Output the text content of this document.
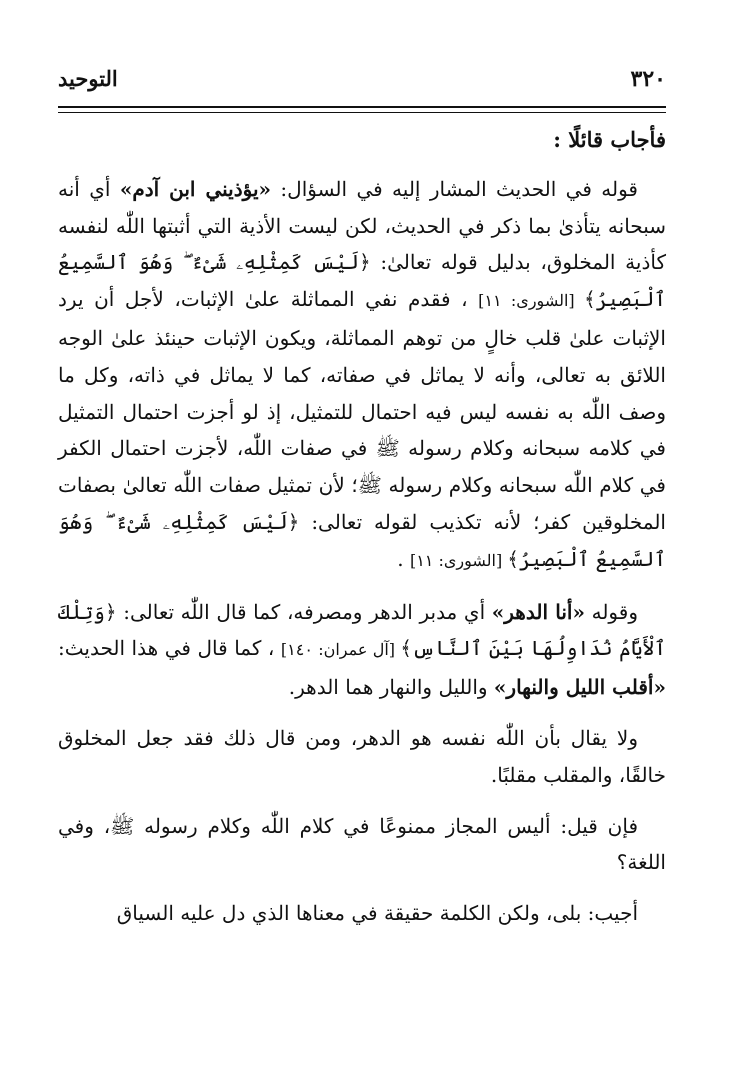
٣٢٠
التوحيد

فأجاب قائلًا :

قوله في الحديث المشار إليه في السؤال: «يؤذيني ابن آدم» أي أنه سبحانه يتأذىٰ بما ذكر في الحديث، لكن ليست الأذية التي أثبتها اللّٰه لنفسه كأذية المخلوق، بدليل قوله تعالىٰ: ﴿لَيْسَ كَمِثْلِهِۦ شَىْءٌ ۖ وَهُوَ ٱلسَّمِيعُ ٱلْبَصِيرُ﴾ [الشورى: ١١] ، فقدم نفي المماثلة علىٰ الإثبات، لأجل أن يرد الإثبات علىٰ قلب خالٍ من توهم المماثلة، ويكون الإثبات حينئذ علىٰ الوجه اللائق به تعالى، وأنه لا يماثل في صفاته، كما لا يماثل في ذاته، وكل ما وصف اللّٰه به نفسه ليس فيه احتمال للتمثيل، إذ لو أجزت احتمال التمثيل في كلامه سبحانه وكلام رسوله ﷺ في صفات اللّٰه، لأجزت احتمال الكفر في كلام اللّٰه سبحانه وكلام رسوله ﷺ؛ لأن تمثيل صفات اللّٰه تعالىٰ بصفات المخلوقين كفر؛ لأنه تكذيب لقوله تعالى: ﴿لَيْسَ كَمِثْلِهِۦ شَىْءٌ ۖ وَهُوَ ٱلسَّمِيعُ ٱلْبَصِيرُ﴾ [الشورى: ١١] .

وقوله «أنا الدهر» أي مدبر الدهر ومصرفه، كما قال اللّٰه تعالى: ﴿وَتِلْكَ ٱلْأَيَّامُ نُدَاوِلُهَا بَيْنَ ٱلنَّاسِ﴾ [آل عمران: ١٤٠] ، كما قال في هذا الحديث: «أقلب الليل والنهار» والليل والنهار هما الدهر.

ولا يقال بأن اللّٰه نفسه هو الدهر، ومن قال ذلك فقد جعل المخلوق خالقًا، والمقلب مقلبًا.

فإن قيل: أليس المجاز ممنوعًا في كلام اللّٰه وكلام رسوله ﷺ، وفي اللغة؟

أجيب: بلى، ولكن الكلمة حقيقة في معناها الذي دل عليه السياق
